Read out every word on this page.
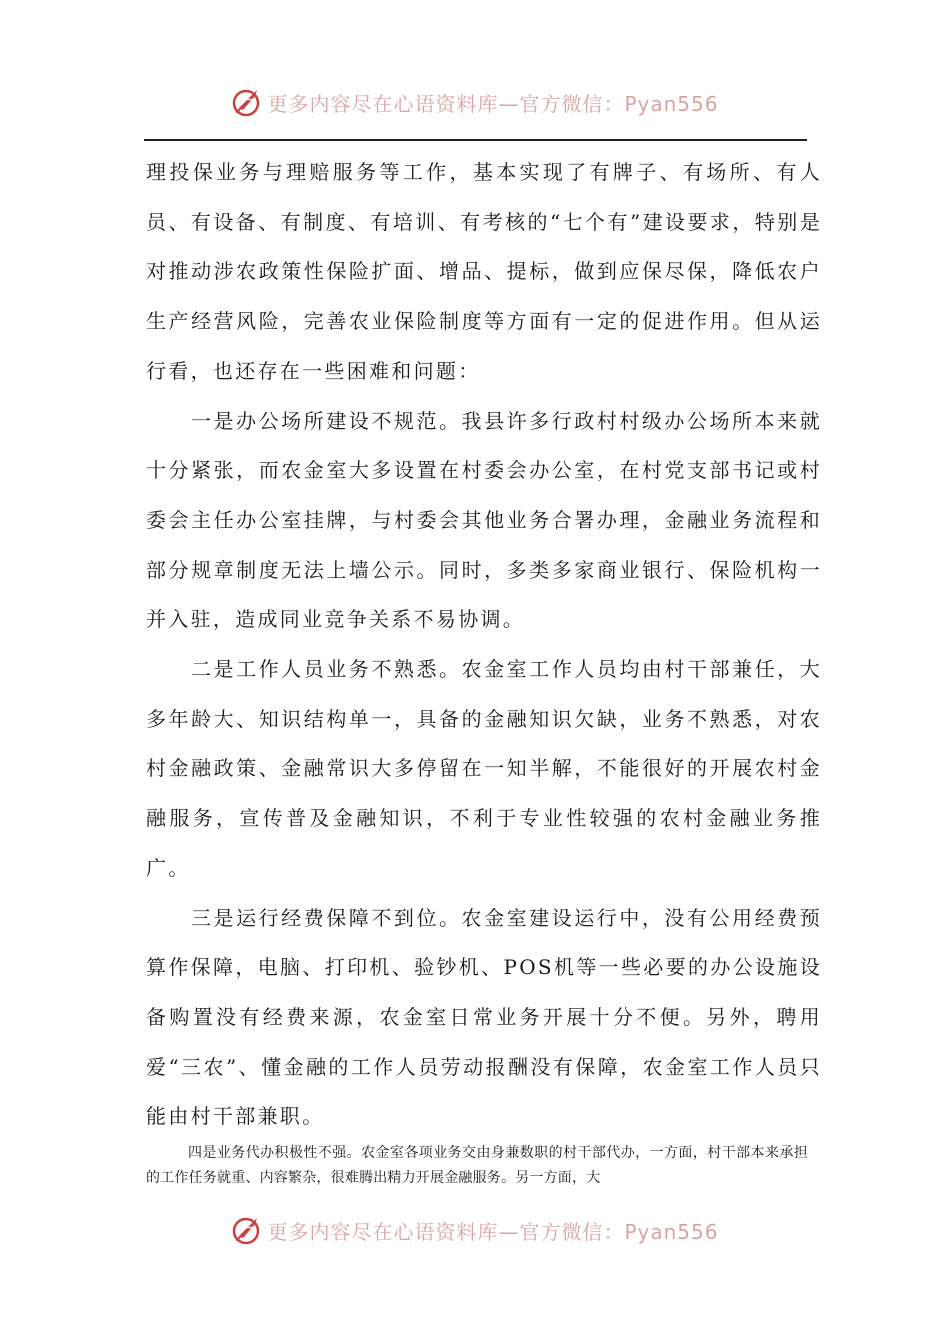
更多内容尽在心语资料库—官方微信：Pyan556

理投保业务与理赔服务等工作，基本实现了有牌子、有场所、有人员、有设备、有制度、有培训、有考核的“七个有”建设要求，特别是对推动涉农政策性保险扩面、增品、提标，做到应保尽保，降低农户生产经营风险，完善农业保险制度等方面有一定的促进作用。但从运行看，也还存在一些困难和问题：

一是办公场所建设不规范。我县许多行政村村级办公场所本来就十分紧张，而农金室大多设置在村委会办公室，在村党支部书记或村委会主任办公室挂牌，与村委会其他业务合署办理，金融业务流程和部分规章制度无法上墙公示。同时，多类多家商业银行、保险机构一并入驻，造成同业竞争关系不易协调。

二是工作人员业务不熟悉。农金室工作人员均由村干部兼任，大多年龄大、知识结构单一，具备的金融知识欠缺，业务不熟悉，对农村金融政策、金融常识大多停留在一知半解，不能很好的开展农村金融服务，宣传普及金融知识，不利于专业性较强的农村金融业务推广。

三是运行经费保障不到位。农金室建设运行中，没有公用经费预算作保障，电脑、打印机、验钞机、POS机等一些必要的办公设施设备购置没有经费来源，农金室日常业务开展十分不便。另外，聘用爱“三农”、懂金融的工作人员劳动报酬没有保障，农金室工作人员只能由村干部兼职。

四是业务代办积极性不强。农金室各项业务交由身兼数职的村干部代办，一方面，村干部本来承担的工作任务就重、内容繁杂，很难腾出精力开展金融服务。另一方面，大

更多内容尽在心语资料库—官方微信：Pyan556
